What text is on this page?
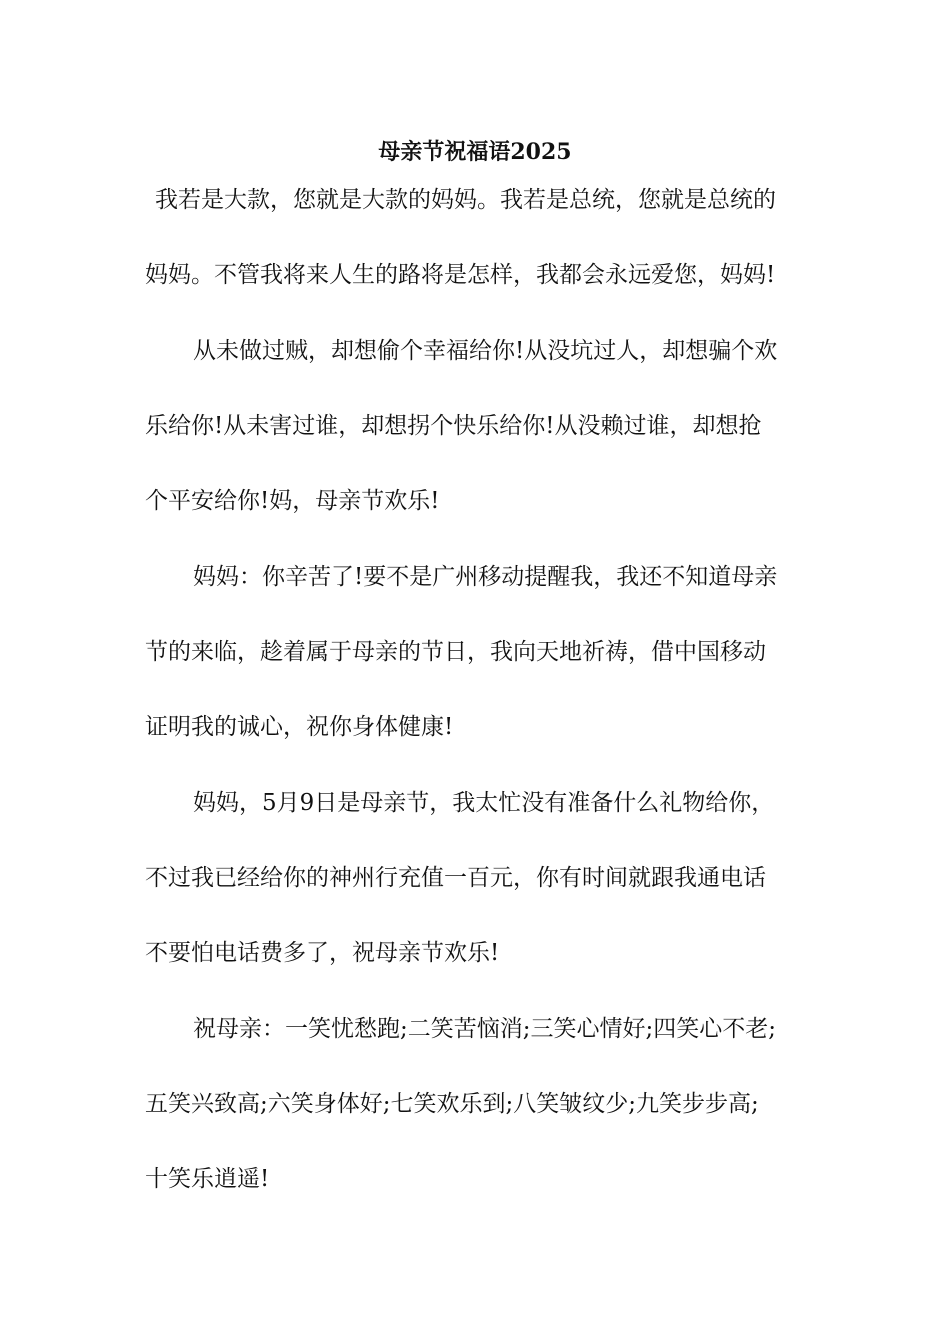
母亲节祝福语2025
我若是大款，您就是大款的妈妈。我若是总统，您就是总统的
妈妈。不管我将来人生的路将是怎样，我都会永远爱您，妈妈!
从未做过贼，却想偷个幸福给你!从没坑过人，却想骗个欢
乐给你!从未害过谁，却想拐个快乐给你!从没赖过谁，却想抢
个平安给你!妈，母亲节欢乐!
妈妈：你辛苦了!要不是广州移动提醒我，我还不知道母亲
节的来临，趁着属于母亲的节日，我向天地祈祷，借中国移动
证明我的诚心，祝你身体健康!
妈妈，5月9日是母亲节，我太忙没有准备什么礼物给你，
不过我已经给你的神州行充值一百元，你有时间就跟我通电话
不要怕电话费多了，祝母亲节欢乐!
祝母亲：一笑忧愁跑;二笑苦恼消;三笑心情好;四笑心不老;
五笑兴致高;六笑身体好;七笑欢乐到;八笑皱纹少;九笑步步高;
十笑乐逍遥!
